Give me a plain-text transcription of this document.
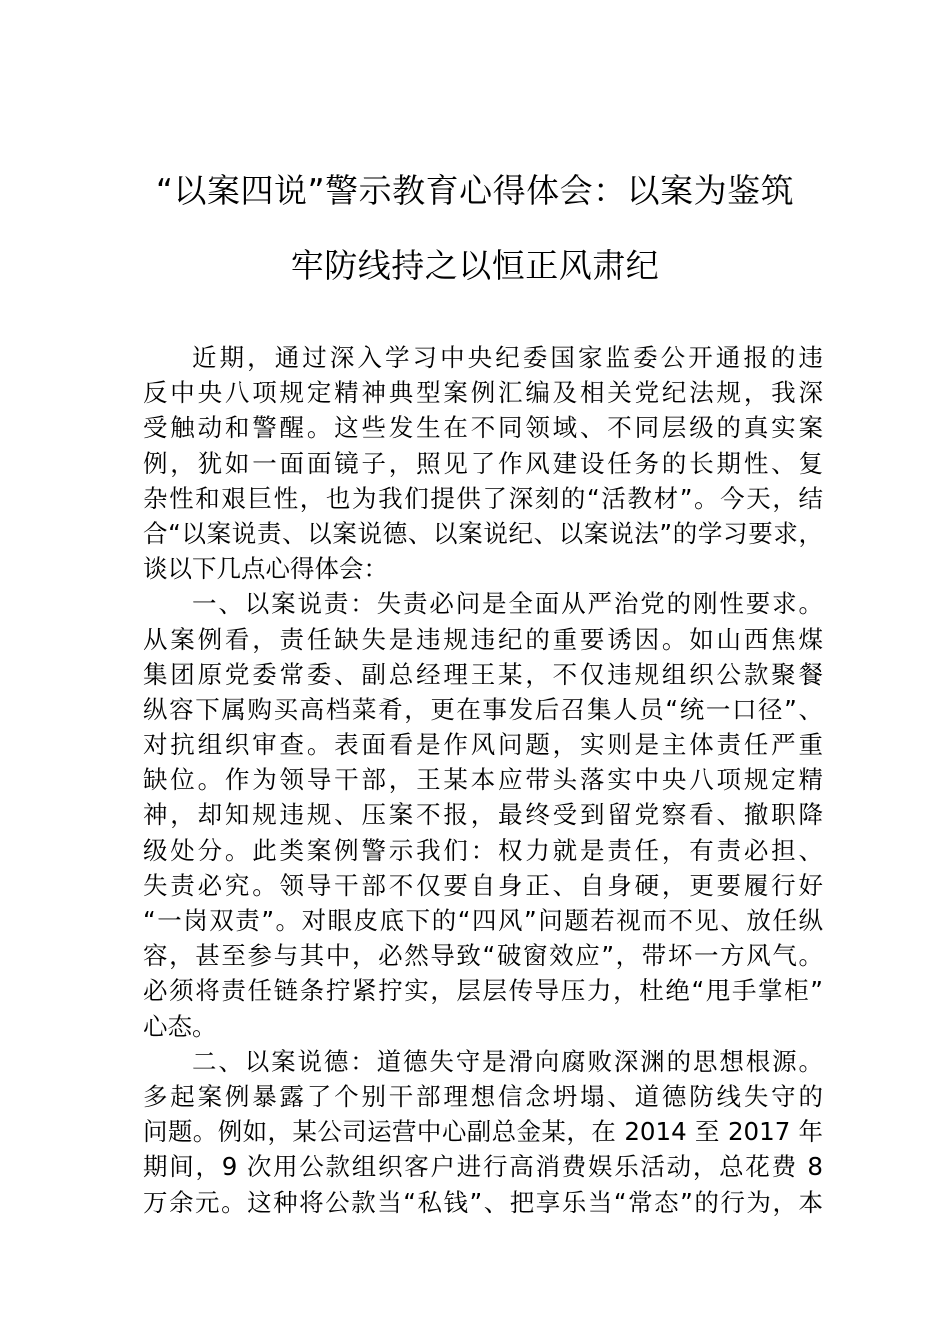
“以案四说”警示教育心得体会：以案为鉴筑
牢防线持之以恒正风肃纪
近期，通过深入学习中央纪委国家监委公开通报的违
反中央八项规定精神典型案例汇编及相关党纪法规，我深
受触动和警醒。这些发生在不同领域、不同层级的真实案
例，犹如一面面镜子，照见了作风建设任务的长期性、复
杂性和艰巨性，也为我们提供了深刻的“活教材”。今天，结
合“以案说责、以案说德、以案说纪、以案说法”的学习要求，
谈以下几点心得体会：
一、以案说责：失责必问是全面从严治党的刚性要求。
从案例看，责任缺失是违规违纪的重要诱因。如山西焦煤
集团原党委常委、副总经理王某，不仅违规组织公款聚餐
纵容下属购买高档菜肴，更在事发后召集人员“统一口径”、
对抗组织审查。表面看是作风问题，实则是主体责任严重
缺位。作为领导干部，王某本应带头落实中央八项规定精
神，却知规违规、压案不报，最终受到留党察看、撤职降
级处分。此类案例警示我们：权力就是责任，有责必担、
失责必究。领导干部不仅要自身正、自身硬，更要履行好
“一岗双责”。对眼皮底下的“四风”问题若视而不见、放任纵
容，甚至参与其中，必然导致“破窗效应”，带坏一方风气。
必须将责任链条拧紧拧实，层层传导压力，杜绝“甩手掌柜”
心态。
二、以案说德：道德失守是滑向腐败深渊的思想根源。
多起案例暴露了个别干部理想信念坍塌、道德防线失守的
问题。例如，某公司运营中心副总金某，在 2014 至 2017 年
期间，9 次用公款组织客户进行高消费娱乐活动，总花费 8
万余元。这种将公款当“私钱”、把享乐当“常态”的行为，本
